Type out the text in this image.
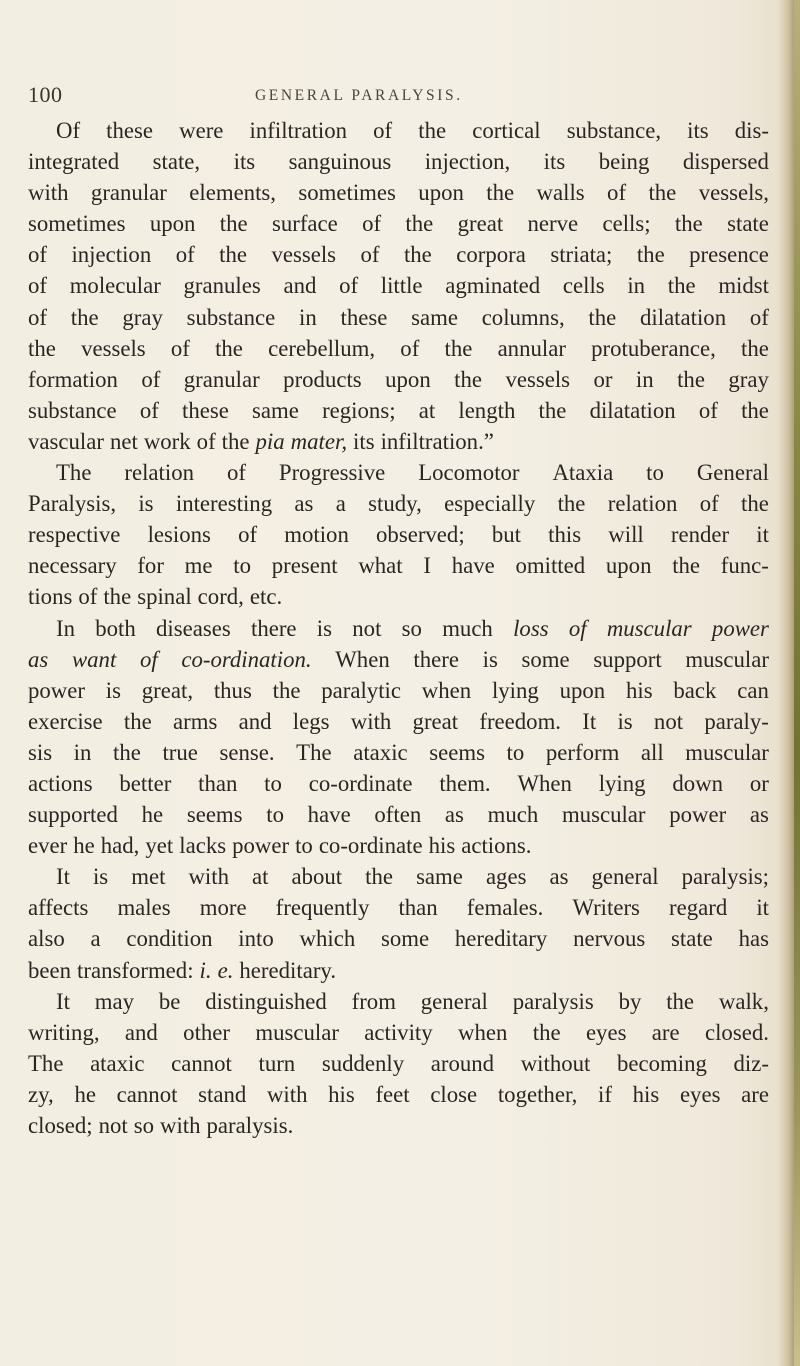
100	GENERAL PARALYSIS.
Of these were infiltration of the cortical substance, its dis-
integrated state, its sanguinous injection, its being dispersed
with granular elements, sometimes upon the walls of the vessels,
sometimes upon the surface of the great nerve cells; the state
of injection of the vessels of the corpora striata; the presence
of molecular granules and of little agminated cells in the midst
of the gray substance in these same columns, the dilatation of
the vessels of the cerebellum, of the annular protuberance, the
formation of granular products upon the vessels or in the gray
substance of these same regions; at length the dilatation of the
vascular net work of the pia mater, its infiltration.”
The relation of Progressive Locomotor Ataxia to General
Paralysis, is interesting as a study, especially the relation of the
respective lesions of motion observed; but this will render it
necessary for me to present what I have omitted upon the func-
tions of the spinal cord, etc.
In both diseases there is not so much loss of muscular power
as want of co-ordination. When there is some support muscular
power is great, thus the paralytic when lying upon his back can
exercise the arms and legs with great freedom. It is not paraly-
sis in the true sense. The ataxic seems to perform all muscular
actions better than to co-ordinate them. When lying down or
supported he seems to have often as much muscular power as
ever he had, yet lacks power to co-ordinate his actions.
It is met with at about the same ages as general paralysis;
affects males more frequently than females. Writers regard it
also a condition into which some hereditary nervous state has
been transformed: i. e. hereditary.
It may be distinguished from general paralysis by the walk,
writing, and other muscular activity when the eyes are closed.
The ataxic cannot turn suddenly around without becoming diz-
zy, he cannot stand with his feet close together, if his eyes are
closed; not so with paralysis.
